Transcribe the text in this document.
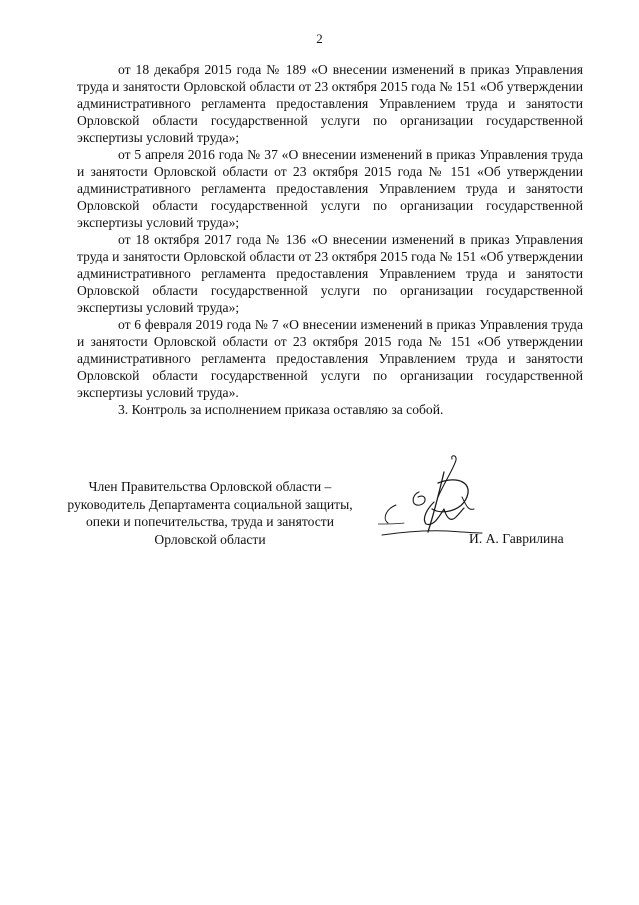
2

от 18 декабря 2015 года № 189 «О внесении изменений в приказ Управления труда и занятости Орловской области от 23 октября 2015 года № 151 «Об утверждении административного регламента предоставления Управлением труда и занятости Орловской области государственной услуги по организации государственной экспертизы условий труда»;

от 5 апреля 2016 года № 37 «О внесении изменений в приказ Управления труда и занятости Орловской области от 23 октября 2015 года № 151 «Об утверждении административного регламента предоставления Управлением труда и занятости Орловской области государственной услуги по организации государственной экспертизы условий труда»;

от 18 октября 2017 года № 136 «О внесении изменений в приказ Управления труда и занятости Орловской области от 23 октября 2015 года № 151 «Об утверждении административного регламента предоставления Управлением труда и занятости Орловской области государственной услуги по организации государственной экспертизы условий труда»;

от 6 февраля 2019 года № 7 «О внесении изменений в приказ Управления труда и занятости Орловской области от 23 октября 2015 года № 151 «Об утверждении административного регламента предоставления Управлением труда и занятости Орловской области государственной услуги по организации государственной экспертизы условий труда».

3. Контроль за исполнением приказа оставляю за собой.

Член Правительства Орловской области –
руководитель Департамента социальной защиты,
опеки и попечительства, труда и занятости
Орловской области	И. А. Гаврилина
